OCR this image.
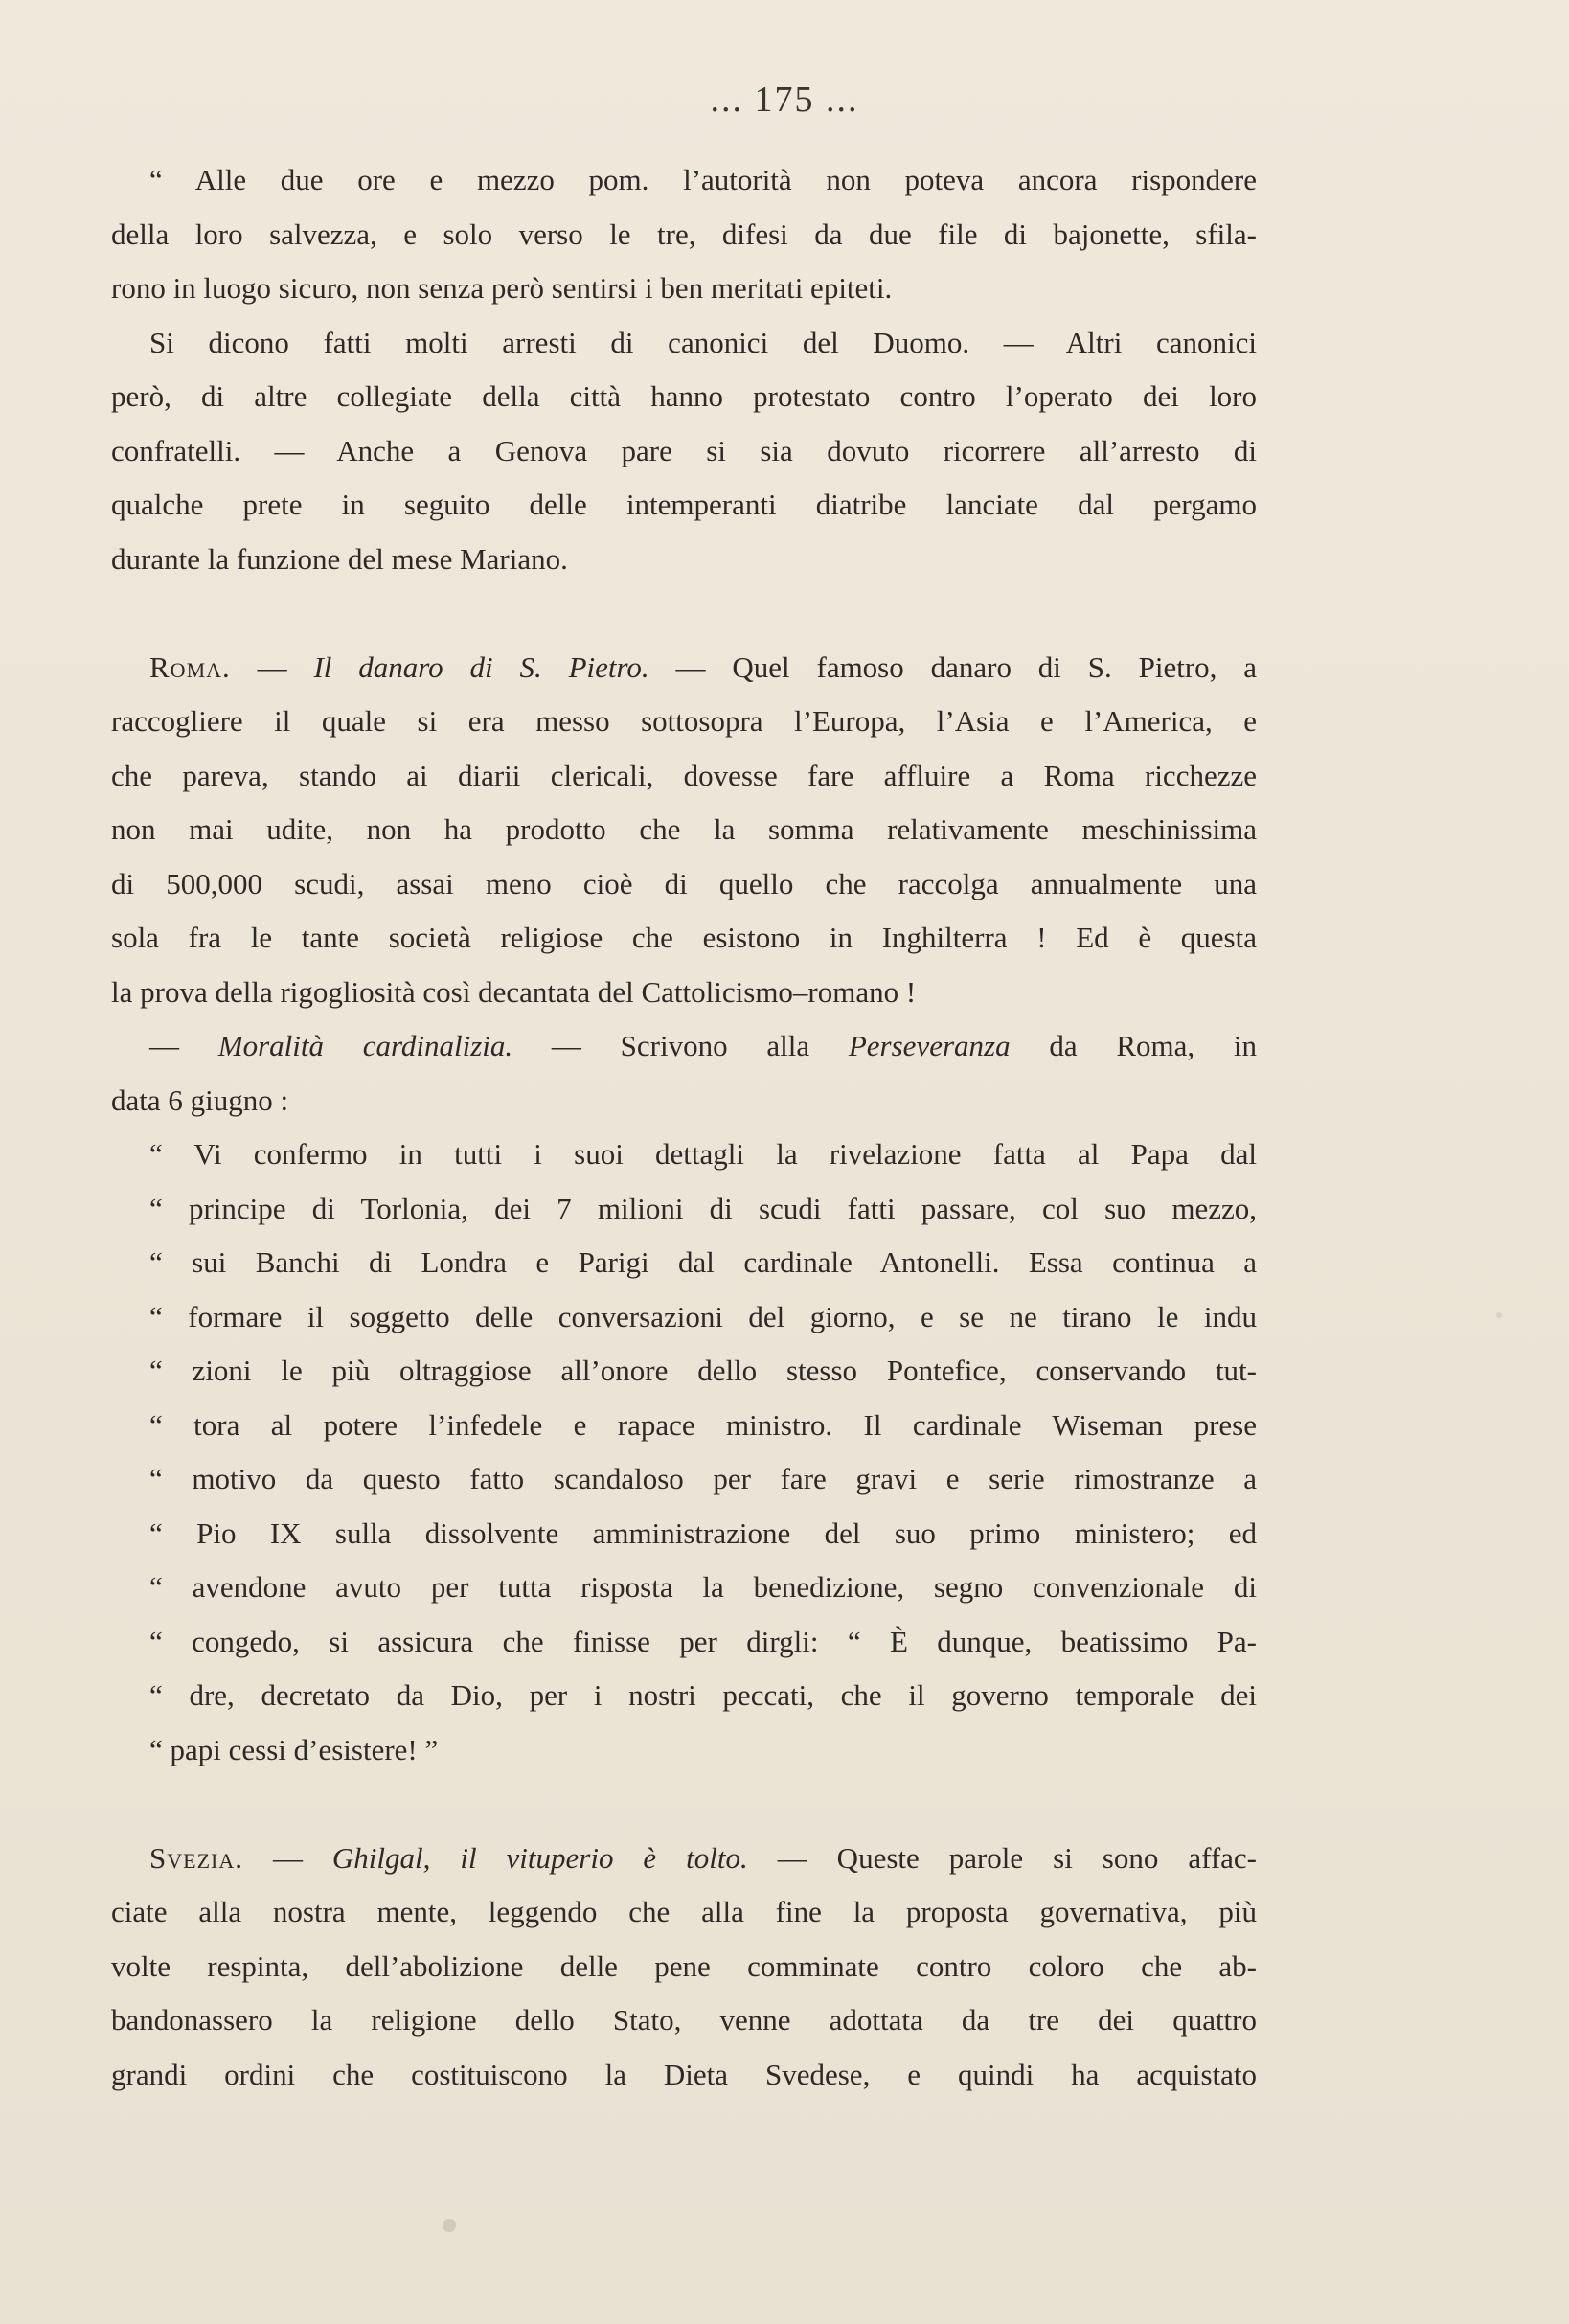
... 175 ...
“ Alle due ore e mezzo pom. l’autorità non poteva ancora rispondere
della loro salvezza, e solo verso le tre, difesi da due file di bajonette, sfila-
rono in luogo sicuro, non senza però sentirsi i ben meritati epiteti.
Si dicono fatti molti arresti di canonici del Duomo. — Altri canonici
però, di altre collegiate della città hanno protestato contro l’operato dei loro
confratelli. — Anche a Genova pare si sia dovuto ricorrere all’arresto di
qualche prete in seguito delle intemperanti diatribe lanciate dal pergamo
durante la funzione del mese Mariano.
Roma. — Il danaro di S. Pietro. — Quel famoso danaro di S. Pietro, a
raccogliere il quale si era messo sottosopra l’Europa, l’Asia e l’America, e
che pareva, stando ai diarii clericali, dovesse fare affluire a Roma ricchezze
non mai udite, non ha prodotto che la somma relativamente meschinissima
di 500,000 scudi, assai meno cioè di quello che raccolga annualmente una
sola fra le tante società religiose che esistono in Inghilterra ! Ed è questa
la prova della rigogliosità così decantata del Cattolicismo–romano !
— Moralità cardinalizia. — Scrivono alla Perseveranza da Roma, in
data 6 giugno :
“ Vi confermo in tutti i suoi dettagli la rivelazione fatta al Papa dal
“ principe di Torlonia, dei 7 milioni di scudi fatti passare, col suo mezzo,
“ sui Banchi di Londra e Parigi dal cardinale Antonelli. Essa continua a
“ formare il soggetto delle conversazioni del giorno, e se ne tirano le indu
“ zioni le più oltraggiose all’onore dello stesso Pontefice, conservando tut-
“ tora al potere l’infedele e rapace ministro. Il cardinale Wiseman prese
“ motivo da questo fatto scandaloso per fare gravi e serie rimostranze a
“ Pio IX sulla dissolvente amministrazione del suo primo ministero; ed
“ avendone avuto per tutta risposta la benedizione, segno convenzionale di
“ congedo, si assicura che finisse per dirgli: “ È dunque, beatissimo Pa-
“ dre, decretato da Dio, per i nostri peccati, che il governo temporale dei
“ papi cessi d’esistere! ”
Svezia. — Ghilgal, il vituperio è tolto. — Queste parole si sono affac-
ciate alla nostra mente, leggendo che alla fine la proposta governativa, più
volte respinta, dell’abolizione delle pene comminate contro coloro che ab-
bandonassero la religione dello Stato, venne adottata da tre dei quattro
grandi ordini che costituiscono la Dieta Svedese, e quindi ha acquistato
